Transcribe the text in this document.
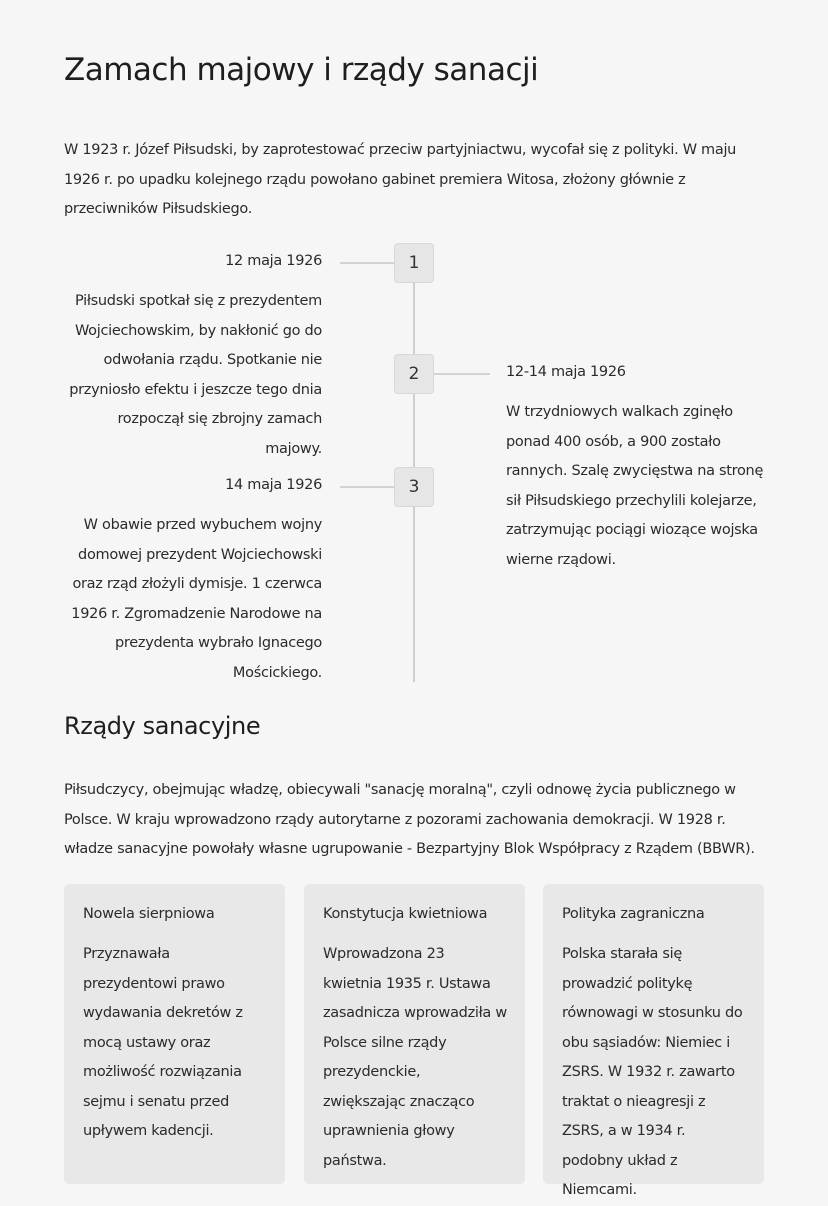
Zamach majowy i rządy sanacji

W 1923 r. Józef Piłsudski, by zaprotestować przeciw partyjniactwu, wycofał się z polityki. W maju 1926 r. po upadku kolejnego rządu powołano gabinet premiera Witosa, złożony głównie z przeciwników Piłsudskiego.

1
2
3
12 maja 1926
Piłsudski spotkał się z prezydentem Wojciechowskim, by nakłonić go do odwołania rządu. Spotkanie nie przyniosło efektu i jeszcze tego dnia rozpoczął się zbrojny zamach majowy.
12-14 maja 1926
W trzydniowych walkach zginęło ponad 400 osób, a 900 zostało rannych. Szalę zwycięstwa na stronę sił Piłsudskiego przechylili kolejarze, zatrzymując pociągi wiozące wojska wierne rządowi.
14 maja 1926
W obawie przed wybuchem wojny domowej prezydent Wojciechowski oraz rząd złożyli dymisje. 1 czerwca 1926 r. Zgromadzenie Narodowe na prezydenta wybrało Ignacego Mościckiego.
Rządy sanacyjne

Piłsudczycy, obejmując władzę, obiecywali "sanację moralną", czyli odnowę życia publicznego w Polsce. W kraju wprowadzono rządy autorytarne z pozorami zachowania demokracji. W 1928 r. władze sanacyjne powołały własne ugrupowanie - Bezpartyjny Blok Współpracy z Rządem (BBWR).

Nowela sierpniowa
Przyznawała prezydentowi prawo wydawania dekretów z mocą ustawy oraz możliwość rozwiązania sejmu i senatu przed upływem kadencji.
Konstytucja kwietniowa
Wprowadzona 23 kwietnia 1935 r. Ustawa zasadnicza wprowadziła w Polsce silne rządy prezydenckie, zwiększając znacząco uprawnienia głowy państwa.
Polityka zagraniczna
Polska starała się prowadzić politykę równowagi w stosunku do obu sąsiadów: Niemiec i ZSRS. W 1932 r. zawarto traktat o nieagresji z ZSRS, a w 1934 r. podobny układ z Niemcami.
